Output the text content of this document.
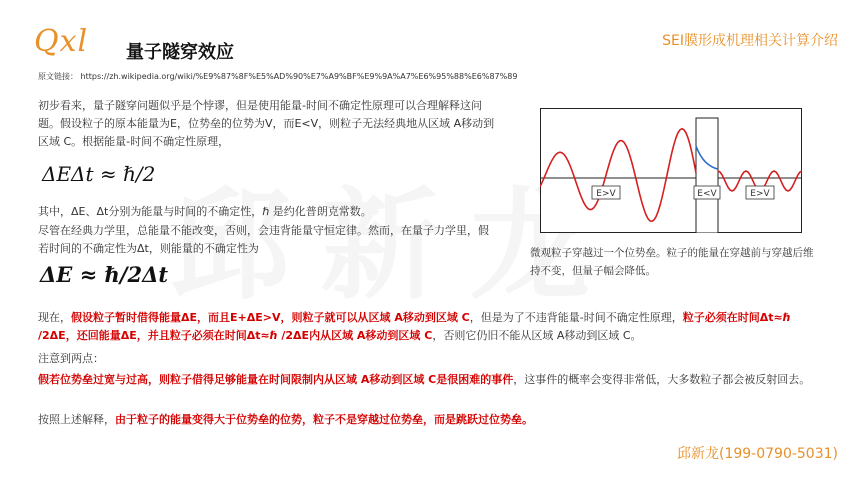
Qxl 量子隧穿效应
SEI膜形成机理相关计算介绍
原文链接： https://zh.wikipedia.org/wiki/%E9%87%8F%E5%AD%90%E7%A9%BF%E9%9A%A7%E6%95%88%E6%87%89
初步看来，量子隧穿问题似乎是个悖谬，但是使用能量-时间不确定性原理可以合理解释这问题。假设粒子的原本能量为E，位势垒的位势为V，而E<V，则粒子无法经典地从区域 A移动到区域 C。根据能量-时间不确定性原理，
ΔEΔt ≈ ℏ/2
其中，ΔE、Δt分别为能量与时间的不确定性，ℏ 是约化普朗克常数。
尽管在经典力学里，总能量不能改变，否则，会违背能量守恒定律。然而，在量子力学里，假若时间的不确定性为Δt，则能量的不确定性为
ΔE ≈ ℏ/2Δt
E>V	E<V	E>V
微观粒子穿越过一个位势垒。粒子的能量在穿越前与穿越后维持不变，但量子幅会降低。
现在，假设粒子暂时借得能量ΔE，而且E+ΔE>V，则粒子就可以从区域 A移动到区域 C，但是为了不违背能量-时间不确定性原理，粒子必须在时间Δt≈ℏ /2ΔE，还回能量ΔE，并且粒子必须在时间Δt≈ℏ /2ΔE内从区域 A移动到区域 C，否则它仍旧不能从区域 A移动到区域 C。
注意到两点：
假若位势垒过宽与过高，则粒子借得足够能量在时间限制内从区域 A移动到区域 C是很困难的事件，这事件的概率会变得非常低，大多数粒子都会被反射回去。
按照上述解释，由于粒子的能量变得大于位势垒的位势，粒子不是穿越过位势垒，而是跳跃过位势垒。
邱新龙(199-0790-5031)
